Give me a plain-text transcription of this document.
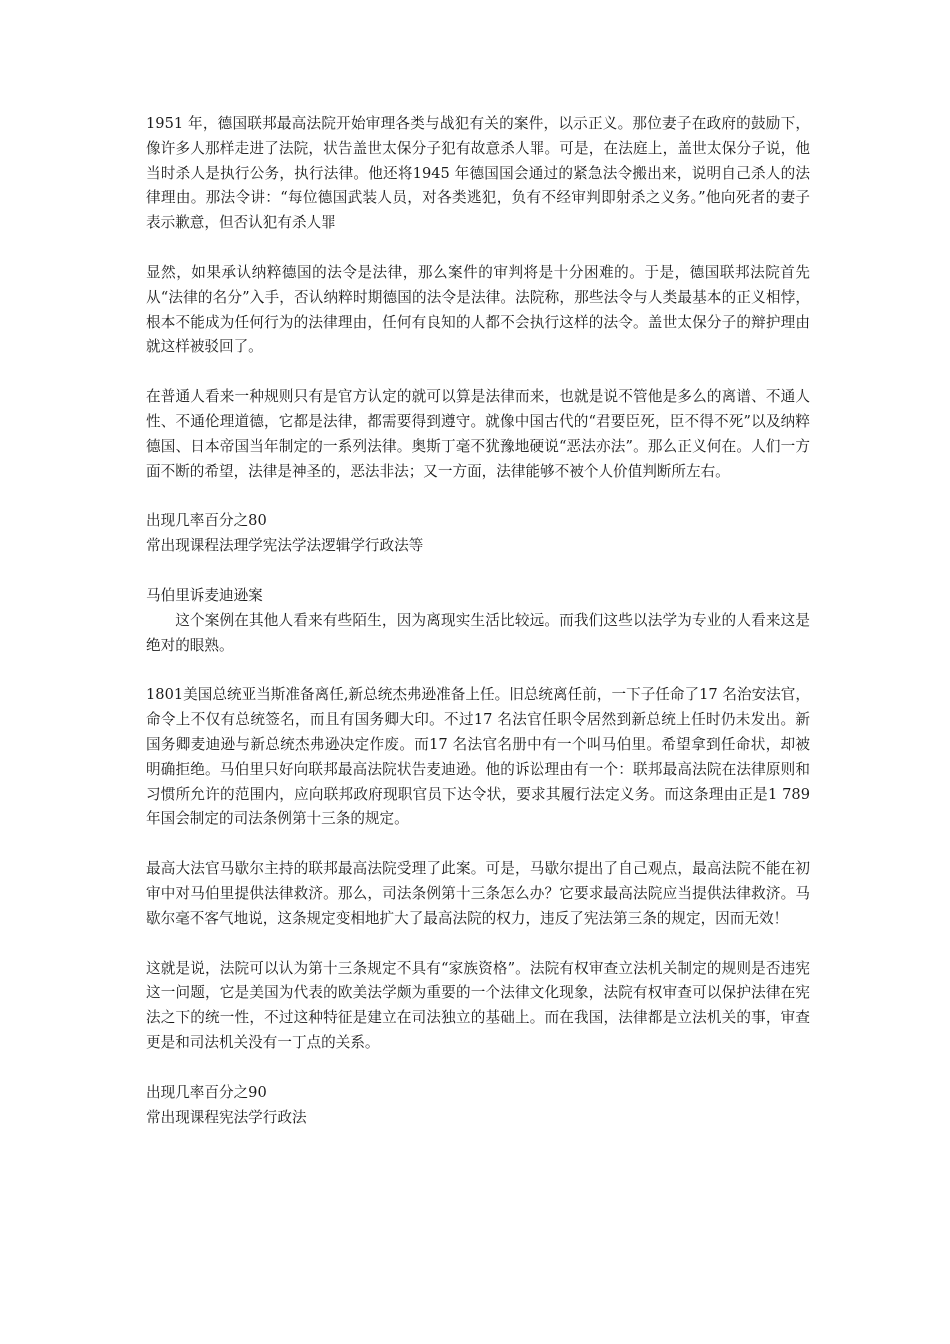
1951 年，德国联邦最高法院开始审理各类与战犯有关的案件，以示正义。那位妻子在政府的鼓励下，像许多人那样走进了法院，状告盖世太保分子犯有故意杀人罪。可是，在法庭上，盖世太保分子说，他当时杀人是执行公务，执行法律。他还将1945 年德国国会通过的紧急法令搬出来，说明自己杀人的法律理由。那法令讲：“每位德国武装人员，对各类逃犯，负有不经审判即射杀之义务。”他向死者的妻子表示歉意，但否认犯有杀人罪

显然，如果承认纳粹德国的法令是法律，那么案件的审判将是十分困难的。于是，德国联邦法院首先从“法律的名分”入手，否认纳粹时期德国的法令是法律。法院称，那些法令与人类最基本的正义相悖，根本不能成为任何行为的法律理由，任何有良知的人都不会执行这样的法令。盖世太保分子的辩护理由就这样被驳回了。

在普通人看来一种规则只有是官方认定的就可以算是法律而来，也就是说不管他是多么的离谱、不通人性、不通伦理道德，它都是法律，都需要得到遵守。就像中国古代的“君要臣死，臣不得不死”以及纳粹德国、日本帝国当年制定的一系列法律。奥斯丁毫不犹豫地硬说“恶法亦法”。那么正义何在。人们一方面不断的希望，法律是神圣的，恶法非法；又一方面，法律能够不被个人价值判断所左右。

出现几率百分之80

常出现课程法理学宪法学法逻辑学行政法等

马伯里诉麦迪逊案

这个案例在其他人看来有些陌生，因为离现实生活比较远。而我们这些以法学为专业的人看来这是绝对的眼熟。

1801美国总统亚当斯准备离任,新总统杰弗逊准备上任。旧总统离任前，一下子任命了17 名治安法官，命令上不仅有总统签名，而且有国务卿大印。不过17 名法官任职令居然到新总统上任时仍未发出。新国务卿麦迪逊与新总统杰弗逊决定作废。而17 名法官名册中有一个叫马伯里。希望拿到任命状，却被明确拒绝。马伯里只好向联邦最高法院状告麦迪逊。他的诉讼理由有一个：联邦最高法院在法律原则和习惯所允许的范围内，应向联邦政府现职官员下达令状，要求其履行法定义务。而这条理由正是1 789 年国会制定的司法条例第十三条的规定。

最高大法官马歇尔主持的联邦最高法院受理了此案。可是，马歇尔提出了自己观点，最高法院不能在初审中对马伯里提供法律救济。那么，司法条例第十三条怎么办？它要求最高法院应当提供法律救济。马歇尔毫不客气地说，这条规定变相地扩大了最高法院的权力，违反了宪法第三条的规定，因而无效！

这就是说，法院可以认为第十三条规定不具有“家族资格”。法院有权审查立法机关制定的规则是否违宪这一问题，它是美国为代表的欧美法学颇为重要的一个法律文化现象，法院有权审查可以保护法律在宪法之下的统一性，不过这种特征是建立在司法独立的基础上。而在我国，法律都是立法机关的事，审查更是和司法机关没有一丁点的关系。

出现几率百分之90

常出现课程宪法学行政法
